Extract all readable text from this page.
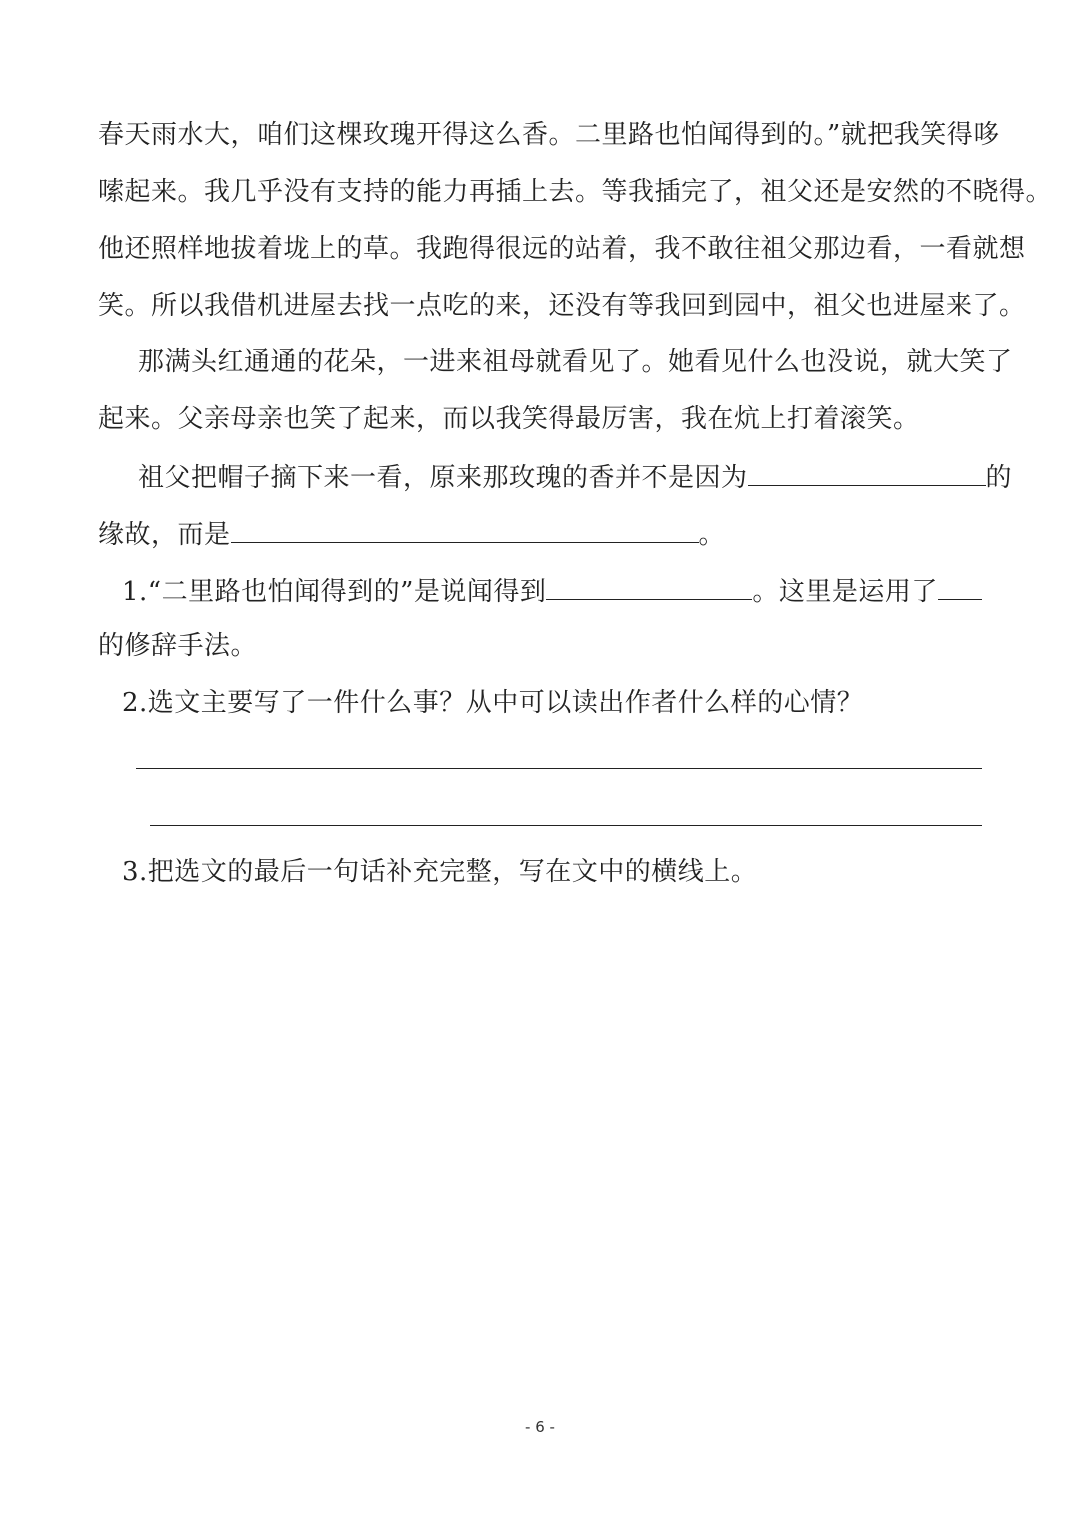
春天雨水大，咱们这棵玫瑰开得这么香。二里路也怕闻得到的。”就把我笑得哆
嗦起来。我几乎没有支持的能力再插上去。等我插完了，祖父还是安然的不晓得。
他还照样地拔着垅上的草。我跑得很远的站着，我不敢往祖父那边看，一看就想
笑。所以我借机进屋去找一点吃的来，还没有等我回到园中，祖父也进屋来了。
那满头红通通的花朵，一进来祖母就看见了。她看见什么也没说，就大笑了
起来。父亲母亲也笑了起来，而以我笑得最厉害，我在炕上打着滚笑。
祖父把帽子摘下来一看，原来那玫瑰的香并不是因为	的
缘故，而是	。
1.“二里路也怕闻得到的”是说闻得到	。这里是运用了
的修辞手法。
2.选文主要写了一件什么事？从中可以读出作者什么样的心情？
3.把选文的最后一句话补充完整，写在文中的横线上。
- 6 -
